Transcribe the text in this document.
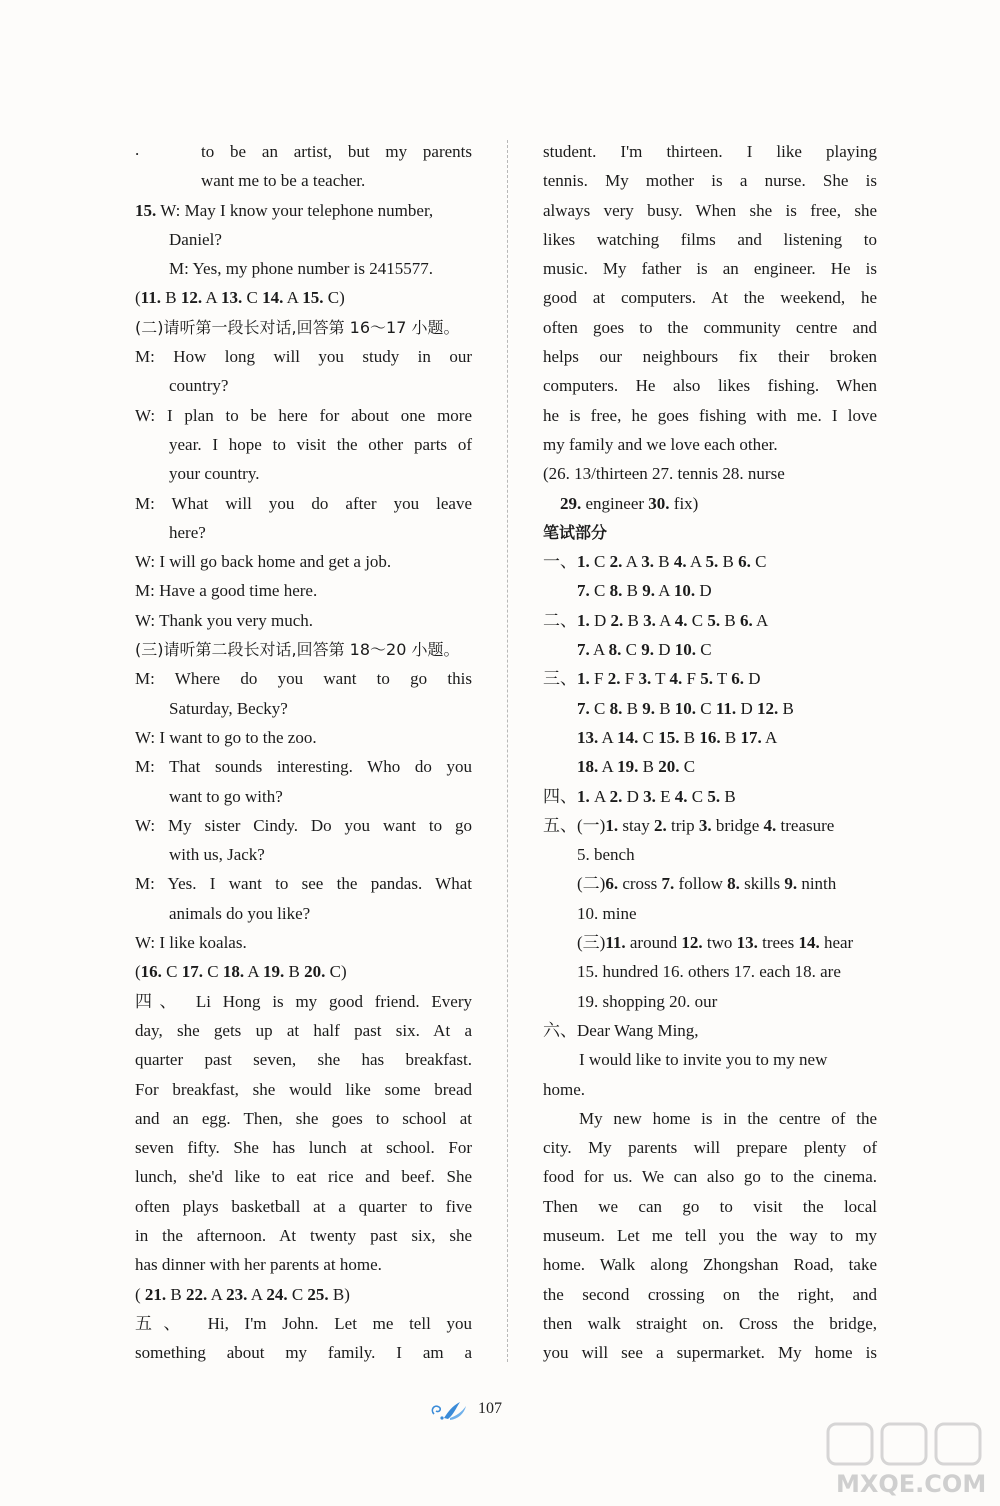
.	to be an artist, but my parents
want me to be a teacher.
15. W: May I know your telephone number,
Daniel?
M: Yes, my phone number is 2415577.
(11. B 12. A 13. C 14. A 15. C)
(二)请听第一段长对话,回答第 16～17 小题。
M: How long will you study in our
country?
W: I plan to be here for about one more
year. I hope to visit the other parts of
your country.
M: What will you do after you leave
here?
W: I will go back home and get a job.
M: Have a good time here.
W: Thank you very much.
(三)请听第二段长对话,回答第 18～20 小题。
M: Where do you want to go this
Saturday, Becky?
W: I want to go to the zoo.
M: That sounds interesting. Who do you
want to go with?
W: My sister Cindy. Do you want to go
with us, Jack?
M: Yes. I want to see the pandas. What
animals do you like?
W: I like koalas.
(16. C 17. C 18. A 19. B 20. C)
四、 Li Hong is my good friend. Every
day, she gets up at half past six. At a
quarter past seven, she has breakfast.
For breakfast, she would like some bread
and an egg. Then, she goes to school at
seven fifty. She has lunch at school. For
lunch, she'd like to eat rice and beef. She
often plays basketball at a quarter to five
in the afternoon. At twenty past six, she
has dinner with her parents at home.
( 21. B 22. A 23. A 24. C 25. B)
五、 Hi, I'm John. Let me tell you
something about my family. I am a
student. I'm thirteen. I like playing
tennis. My mother is a nurse. She is
always very busy. When she is free, she
likes watching films and listening to
music. My father is an engineer. He is
good at computers. At the weekend, he
often goes to the community centre and
helps our neighbours fix their broken
computers. He also likes fishing. When
he is free, he goes fishing with me. I love
my family and we love each other.
(26. 13/thirteen 27. tennis 28. nurse
29. engineer 30. fix)
笔试部分
一、1. C 2. A 3. B 4. A 5. B 6. C
7. C 8. B 9. A 10. D
二、1. D 2. B 3. A 4. C 5. B 6. A
7. A 8. C 9. D 10. C
三、1. F 2. F 3. T 4. F 5. T 6. D
7. C 8. B 9. B 10. C 11. D 12. B
13. A 14. C 15. B 16. B 17. A
18. A 19. B 20. C
四、1. A 2. D 3. E 4. C 5. B
五、(一)1. stay 2. trip 3. bridge 4. treasure
5. bench
(二)6. cross 7. follow 8. skills 9. ninth
10. mine
(三)11. around 12. two 13. trees 14. hear
15. hundred 16. others 17. each 18. are
19. shopping 20. our
六、Dear Wang Ming,
I would like to invite you to my new
home.
My new home is in the centre of the
city. My parents will prepare plenty of
food for us. We can also go to the cinema.
Then we can go to visit the local
museum. Let me tell you the way to my
home. Walk along Zhongshan Road, take
the second crossing on the right, and
then walk straight on. Cross the bridge,
you will see a supermarket. My home is
107
MXQE.COM
